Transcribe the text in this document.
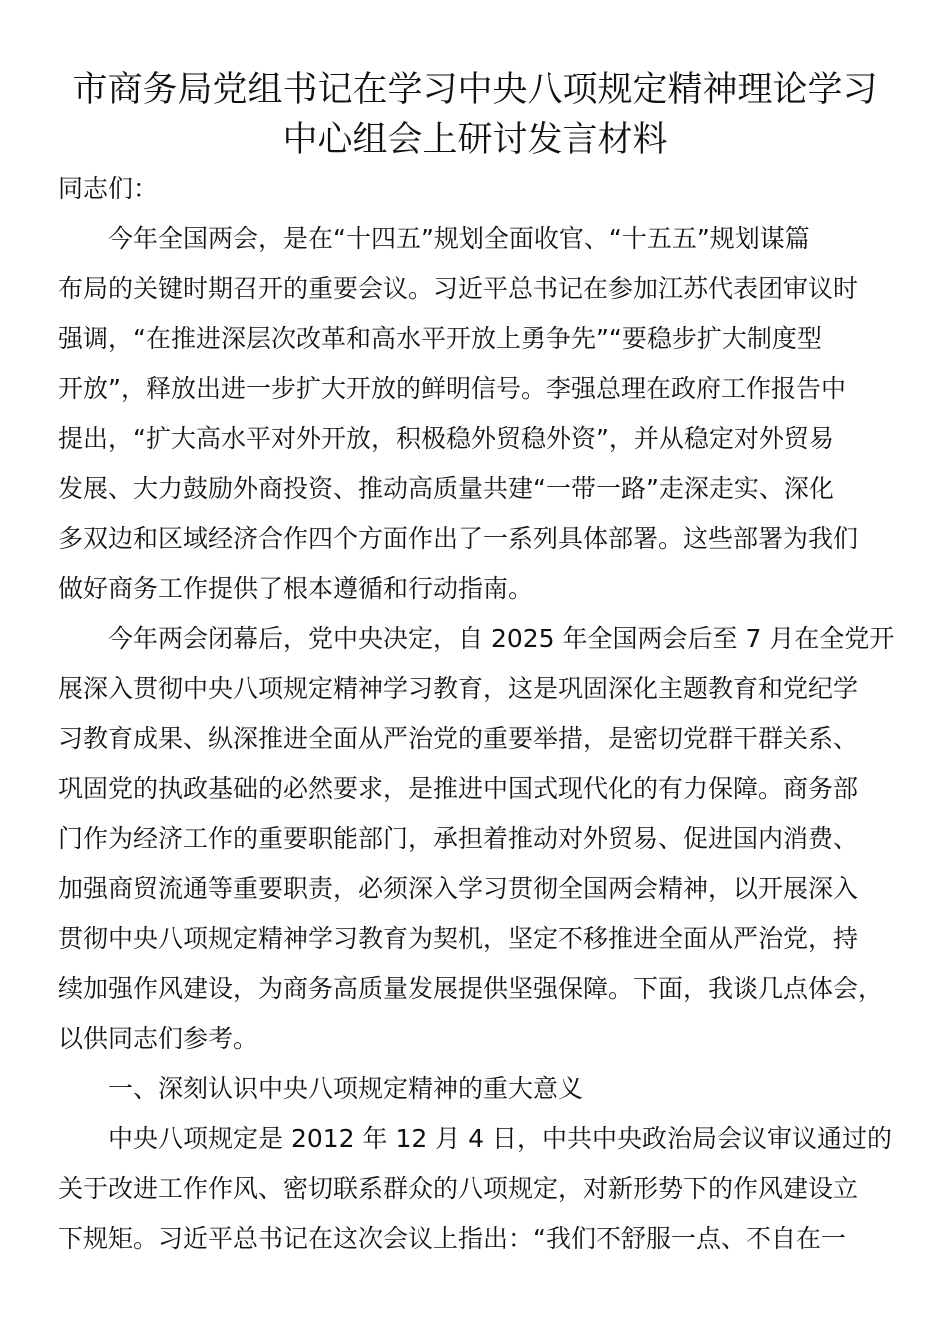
市商务局党组书记在学习中央八项规定精神理论学习
中心组会上研讨发言材料
同志们：
今年全国两会，是在“十四五”规划全面收官、“十五五”规划谋篇
布局的关键时期召开的重要会议。习近平总书记在参加江苏代表团审议时
强调，“在推进深层次改革和高水平开放上勇争先”“要稳步扩大制度型
开放”，释放出进一步扩大开放的鲜明信号。李强总理在政府工作报告中
提出，“扩大高水平对外开放，积极稳外贸稳外资”，并从稳定对外贸易
发展、大力鼓励外商投资、推动高质量共建“一带一路”走深走实、深化
多双边和区域经济合作四个方面作出了一系列具体部署。这些部署为我们
做好商务工作提供了根本遵循和行动指南。
今年两会闭幕后，党中央决定，自 2025 年全国两会后至 7 月在全党开
展深入贯彻中央八项规定精神学习教育，这是巩固深化主题教育和党纪学
习教育成果、纵深推进全面从严治党的重要举措，是密切党群干群关系、
巩固党的执政基础的必然要求，是推进中国式现代化的有力保障。商务部
门作为经济工作的重要职能部门，承担着推动对外贸易、促进国内消费、
加强商贸流通等重要职责，必须深入学习贯彻全国两会精神，以开展深入
贯彻中央八项规定精神学习教育为契机，坚定不移推进全面从严治党，持
续加强作风建设，为商务高质量发展提供坚强保障。下面，我谈几点体会，
以供同志们参考。
一、深刻认识中央八项规定精神的重大意义
中央八项规定是 2012 年 12 月 4 日，中共中央政治局会议审议通过的
关于改进工作作风、密切联系群众的八项规定，对新形势下的作风建设立
下规矩。习近平总书记在这次会议上指出：“我们不舒服一点、不自在一
